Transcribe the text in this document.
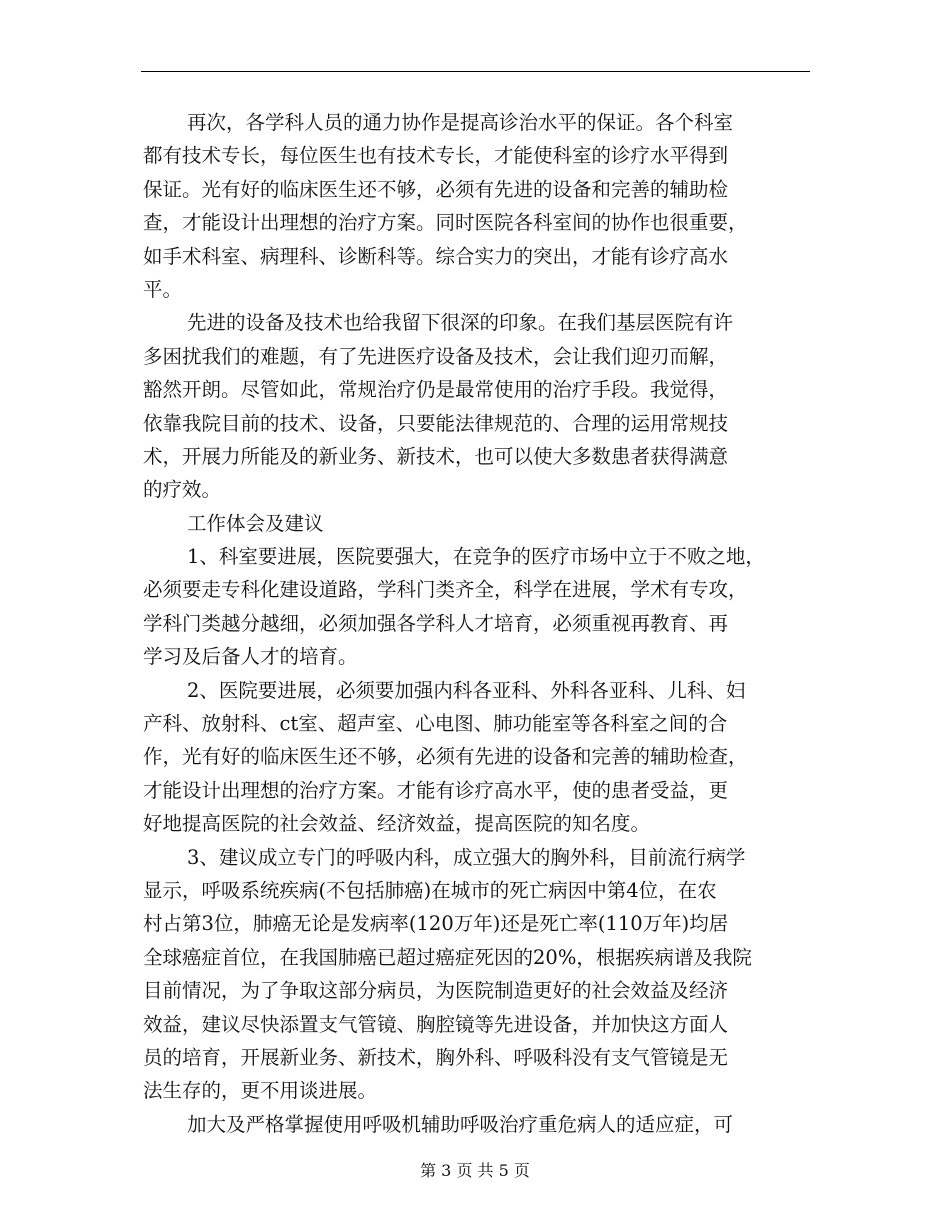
再次，各学科人员的通力协作是提高诊治水平的保证。各个科室
都有技术专长，每位医生也有技术专长，才能使科室的诊疗水平得到
保证。光有好的临床医生还不够，必须有先进的设备和完善的辅助检
查，才能设计出理想的治疗方案。同时医院各科室间的协作也很重要，
如手术科室、病理科、诊断科等。综合实力的突出，才能有诊疗高水
平。
先进的设备及技术也给我留下很深的印象。在我们基层医院有许
多困扰我们的难题，有了先进医疗设备及技术，会让我们迎刃而解，
豁然开朗。尽管如此，常规治疗仍是最常使用的治疗手段。我觉得，
依靠我院目前的技术、设备，只要能法律规范的、合理的运用常规技
术，开展力所能及的新业务、新技术，也可以使大多数患者获得满意
的疗效。
工作体会及建议
1、科室要进展，医院要强大，在竞争的医疗市场中立于不败之地，
必须要走专科化建设道路，学科门类齐全，科学在进展，学术有专攻，
学科门类越分越细，必须加强各学科人才培育，必须重视再教育、再
学习及后备人才的培育。
2、医院要进展，必须要加强内科各亚科、外科各亚科、儿科、妇
产科、放射科、ct室、超声室、心电图、肺功能室等各科室之间的合
作，光有好的临床医生还不够，必须有先进的设备和完善的辅助检查，
才能设计出理想的治疗方案。才能有诊疗高水平，使的患者受益，更
好地提高医院的社会效益、经济效益，提高医院的知名度。
3、建议成立专门的呼吸内科，成立强大的胸外科，目前流行病学
显示，呼吸系统疾病(不包括肺癌)在城市的死亡病因中第4位，在农
村占第3位，肺癌无论是发病率(120万年)还是死亡率(110万年)均居
全球癌症首位，在我国肺癌已超过癌症死因的20%，根据疾病谱及我院
目前情况，为了争取这部分病员，为医院制造更好的社会效益及经济
效益，建议尽快添置支气管镜、胸腔镜等先进设备，并加快这方面人
员的培育，开展新业务、新技术，胸外科、呼吸科没有支气管镜是无
法生存的，更不用谈进展。
加大及严格掌握使用呼吸机辅助呼吸治疗重危病人的适应症，可
第 3 页 共 5 页
